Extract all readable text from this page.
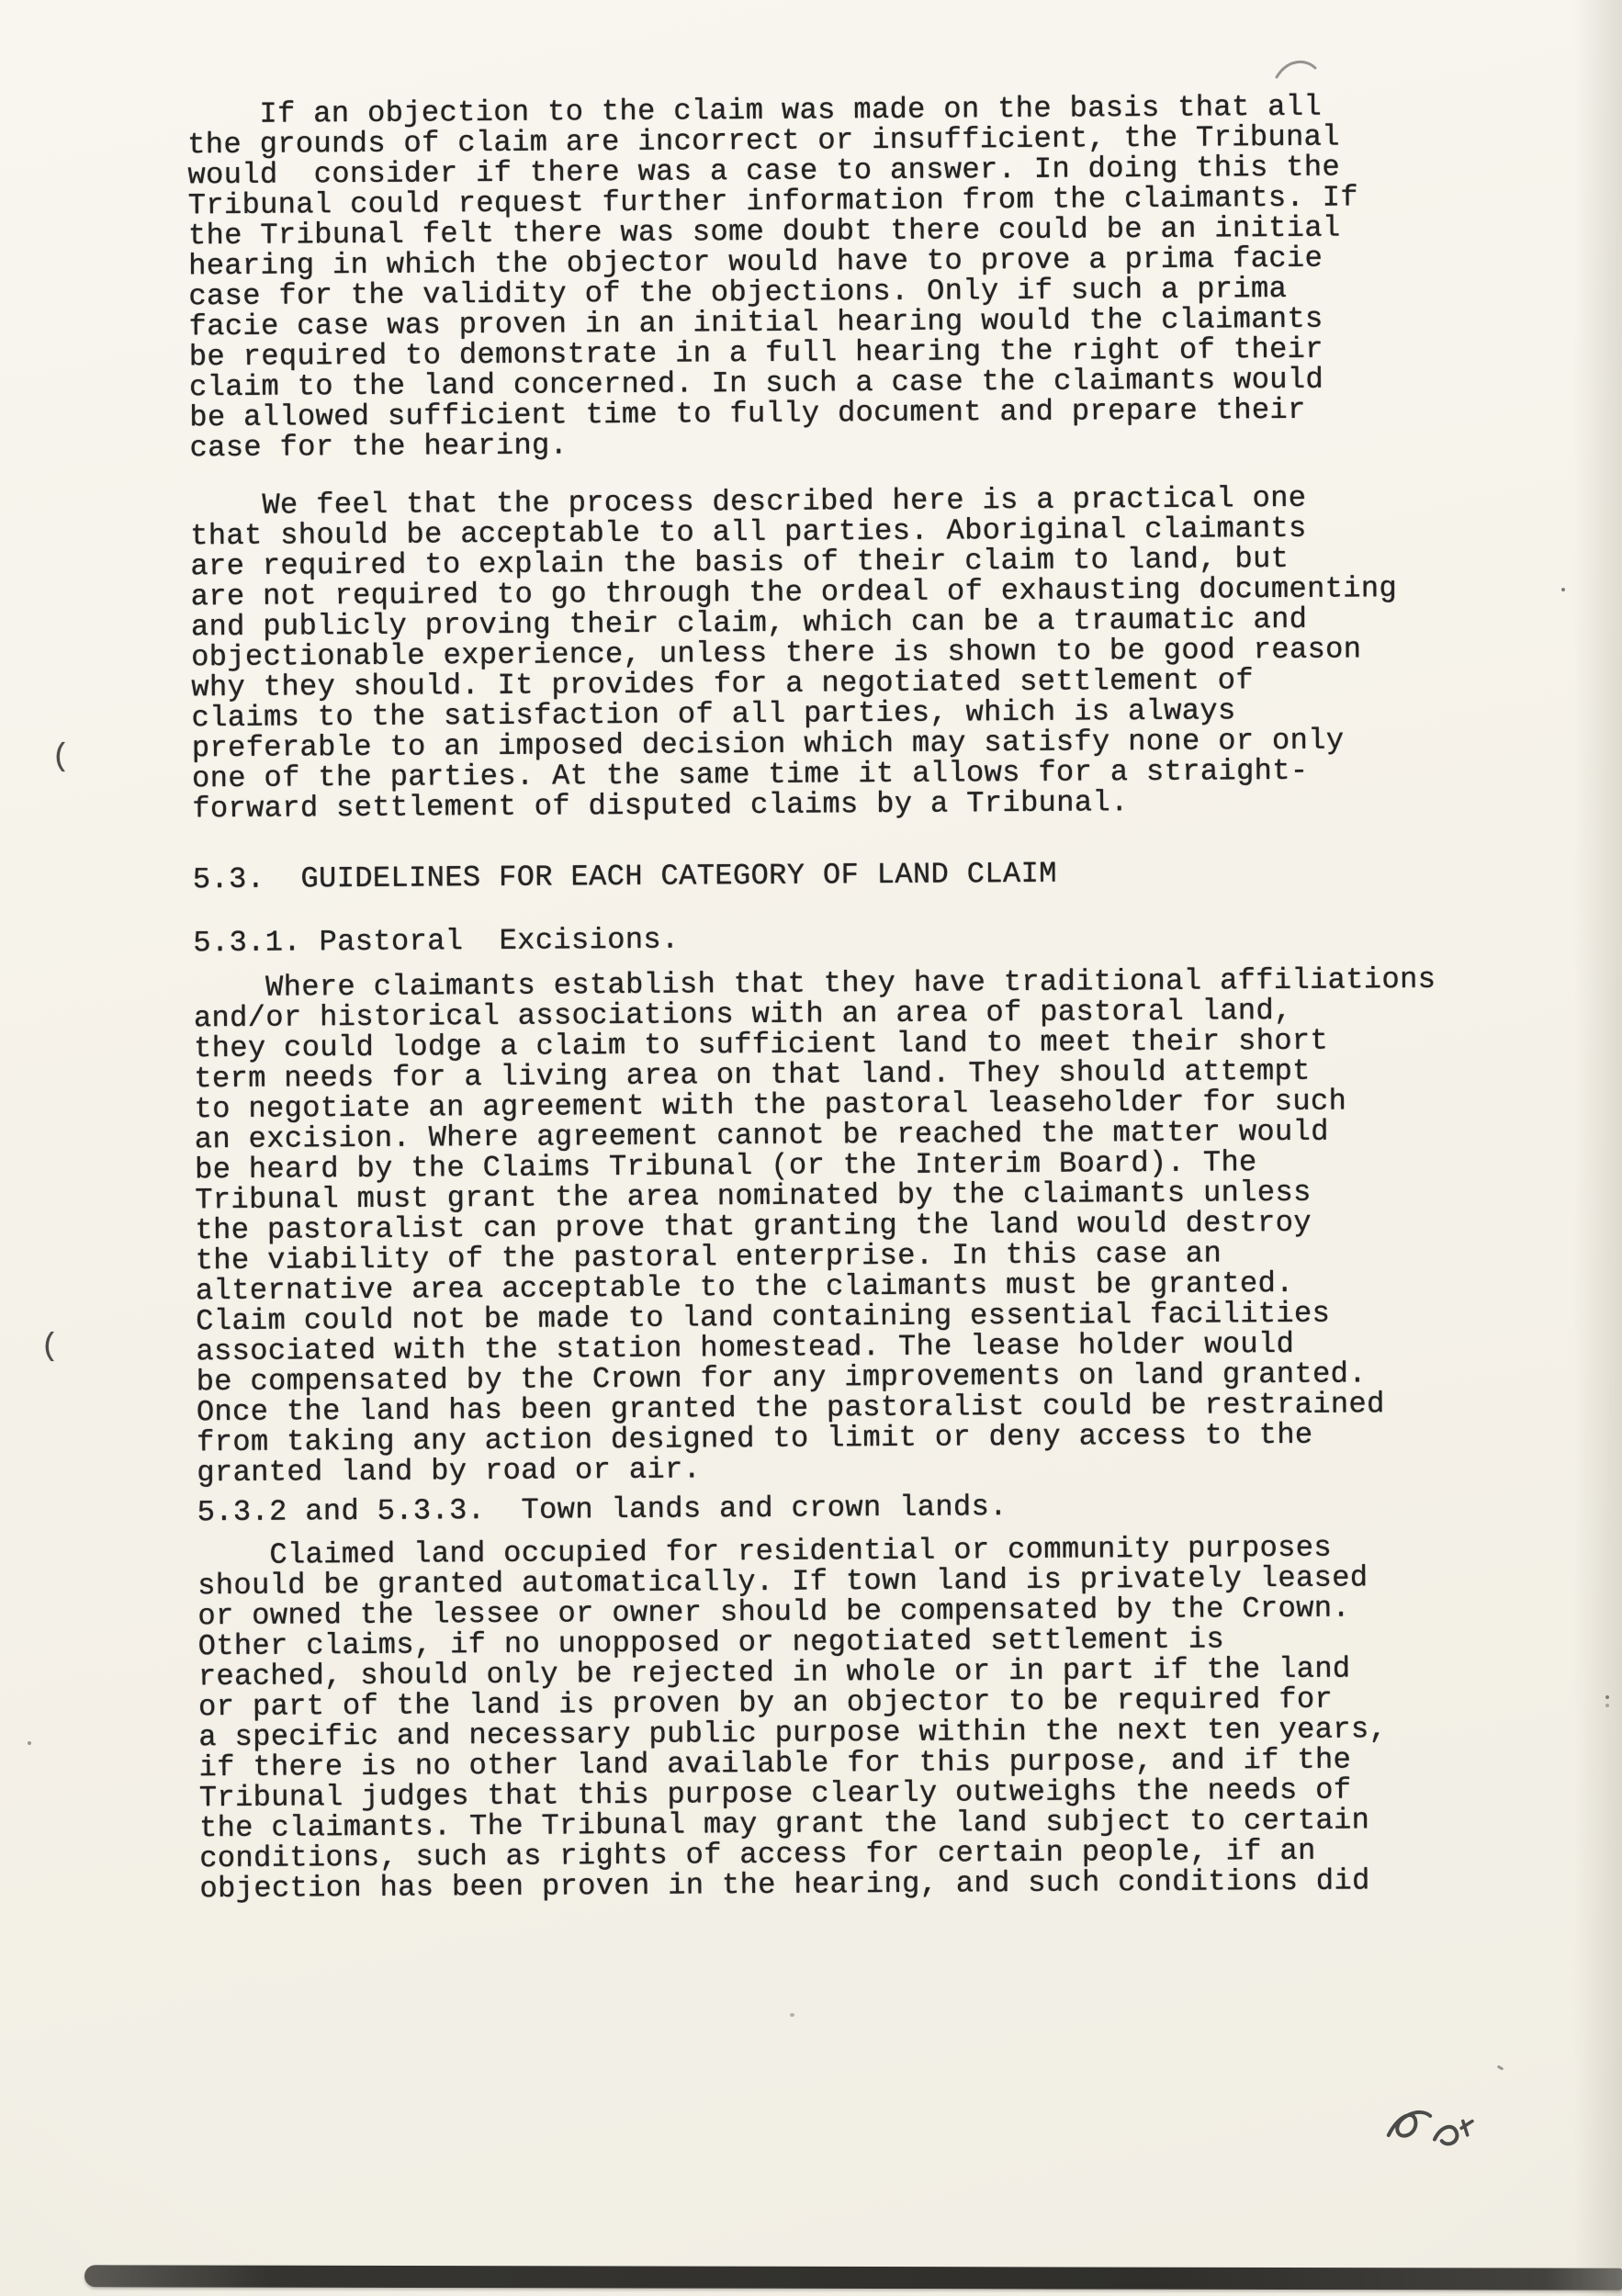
If an objection to the claim was made on the basis that all
the grounds of claim are incorrect or insufficient, the Tribunal
would  consider if there was a case to answer. In doing this the
Tribunal could request further information from the claimants. If
the Tribunal felt there was some doubt there could be an initial
hearing in which the objector would have to prove a prima facie
case for the validity of the objections. Only if such a prima
facie case was proven in an initial hearing would the claimants
be required to demonstrate in a full hearing the right of their
claim to the land concerned. In such a case the claimants would
be allowed sufficient time to fully document and prepare their
case for the hearing.
We feel that the process described here is a practical one
that should be acceptable to all parties. Aboriginal claimants
are required to explain the basis of their claim to land, but
are not required to go through the ordeal of exhausting documenting
and publicly proving their claim, which can be a traumatic and
objectionable experience, unless there is shown to be good reason
why they should. It provides for a negotiated settlement of
claims to the satisfaction of all parties, which is always
preferable to an imposed decision which may satisfy none or only
one of the parties. At the same time it allows for a straight-
forward settlement of disputed claims by a Tribunal.
5.3.  GUIDELINES FOR EACH CATEGORY OF LAND CLAIM
5.3.1. Pastoral  Excisions.
Where claimants establish that they have traditional affiliations
and/or historical associations with an area of pastoral land,
they could lodge a claim to sufficient land to meet their short
term needs for a living area on that land. They should attempt
to negotiate an agreement with the pastoral leaseholder for such
an excision. Where agreement cannot be reached the matter would
be heard by the Claims Tribunal (or the Interim Board). The
Tribunal must grant the area nominated by the claimants unless
the pastoralist can prove that granting the land would destroy
the viability of the pastoral enterprise. In this case an
alternative area acceptable to the claimants must be granted.
Claim could not be made to land containing essential facilities
associated with the station homestead. The lease holder would
be compensated by the Crown for any improvements on land granted.
Once the land has been granted the pastoralist could be restrained
from taking any action designed to limit or deny access to the
granted land by road or air.
5.3.2 and 5.3.3.  Town lands and crown lands.
Claimed land occupied for residential or community purposes
should be granted automatically. If town land is privately leased
or owned the lessee or owner should be compensated by the Crown.
Other claims, if no unopposed or negotiated settlement is
reached, should only be rejected in whole or in part if the land
or part of the land is proven by an objector to be required for
a specific and necessary public purpose within the next ten years,
if there is no other land available for this purpose, and if the
Tribunal judges that this purpose clearly outweighs the needs of
the claimants. The Tribunal may grant the land subject to certain
conditions, such as rights of access for certain people, if an
objection has been proven in the hearing, and such conditions did
(
(
